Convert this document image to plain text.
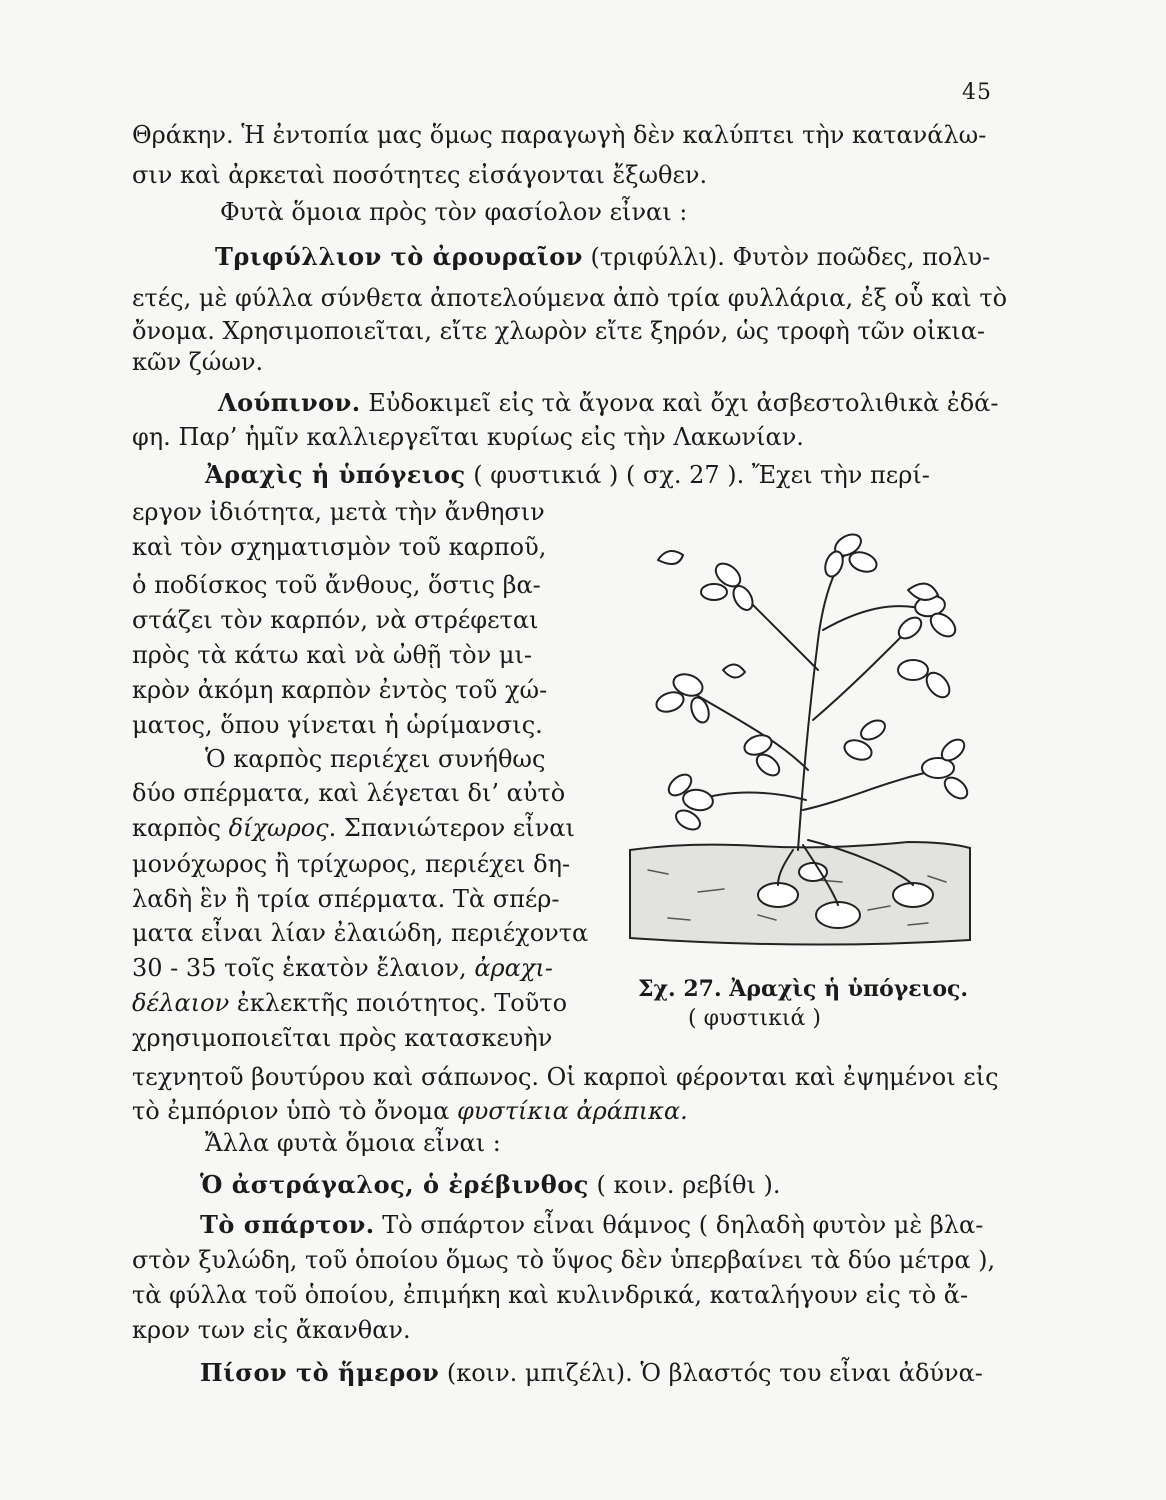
45
Θράκην. Ἡ ἐντοπία μας ὅμως παραγωγὴ δὲν καλύπτει τὴν κατανάλω-
σιν καὶ ἀρκεταὶ ποσότητες εἰσάγονται ἔξωθεν.
Φυτὰ ὅμοια πρὸς τὸν φασίολον εἶναι :
Τριφύλλιον τὸ ἀρουραῖον (τριφύλλι). Φυτὸν ποῶδες, πολυ-
ετές, μὲ φύλλα σύνθετα ἀποτελούμενα ἀπὸ τρία φυλλάρια, ἐξ οὗ καὶ τὸ
ὄνομα. Χρησιμοποιεῖται, εἴτε χλωρὸν εἴτε ξηρόν, ὡς τροφὴ τῶν οἰκια-
κῶν ζώων.
Λούπινον. Εὐδοκιμεῖ εἰς τὰ ἄγονα καὶ ὄχι ἀσβεστολιθικὰ ἐδά-
φη. Παρ’ ἡμῖν καλλιεργεῖται κυρίως εἰς τὴν Λακωνίαν.
Ἀραχὶς ἡ ὑπόγειος ( φυστικιά ) ( σχ. 27 ). Ἔχει τὴν περί-
εργον ἰδιότητα, μετὰ τὴν ἄνθησιν
καὶ τὸν σχηματισμὸν τοῦ καρποῦ,
ὁ ποδίσκος τοῦ ἄνθους, ὅστις βα-
στάζει τὸν καρπόν, νὰ στρέφεται
πρὸς τὰ κάτω καὶ νὰ ὠθῇ τὸν μι-
κρὸν ἀκόμη καρπὸν ἐντὸς τοῦ χώ-
ματος, ὅπου γίνεται ἡ ὡρίμανσις.
Ὁ καρπὸς περιέχει συνήθως
δύο σπέρματα, καὶ λέγεται δι’ αὐτὸ
καρπὸς δίχωρος. Σπανιώτερον εἶναι
μονόχωρος ἢ τρίχωρος, περιέχει δη-
λαδὴ ἓν ἢ τρία σπέρματα. Τὰ σπέρ-
ματα εἶναι λίαν ἐλαιώδη, περιέχοντα
30 - 35 τοῖς ἑκατὸν ἔλαιον, ἀραχι-
δέλαιον ἐκλεκτῆς ποιότητος. Τοῦτο
χρησιμοποιεῖται πρὸς κατασκευὴν
τεχνητοῦ βουτύρου καὶ σάπωνος. Οἱ καρποὶ φέρονται καὶ ἐψημένοι εἰς
τὸ ἐμπόριον ὑπὸ τὸ ὄνομα φυστίκια ἀράπικα.
Ἄλλα φυτὰ ὅμοια εἶναι :
Ὁ ἀστράγαλος, ὁ ἐρέβινθος ( κοιν. ρεβίθι ).
Τὸ σπάρτον. Τὸ σπάρτον εἶναι θάμνος ( δηλαδὴ φυτὸν μὲ βλα-
στὸν ξυλώδη, τοῦ ὁποίου ὅμως τὸ ὕψος δὲν ὑπερβαίνει τὰ δύο μέτρα ),
τὰ φύλλα τοῦ ὁποίου, ἐπιμήκη καὶ κυλινδρικά, καταλήγουν εἰς τὸ ἄ-
κρον των εἰς ἄκανθαν.
Πίσον τὸ ἥμερον (κοιν. μπιζέλι). Ὁ βλαστός του εἶναι ἀδύνα-
Σχ. 27. Ἀραχὶς ἡ ὑπόγειος.
( φυστικιά )
